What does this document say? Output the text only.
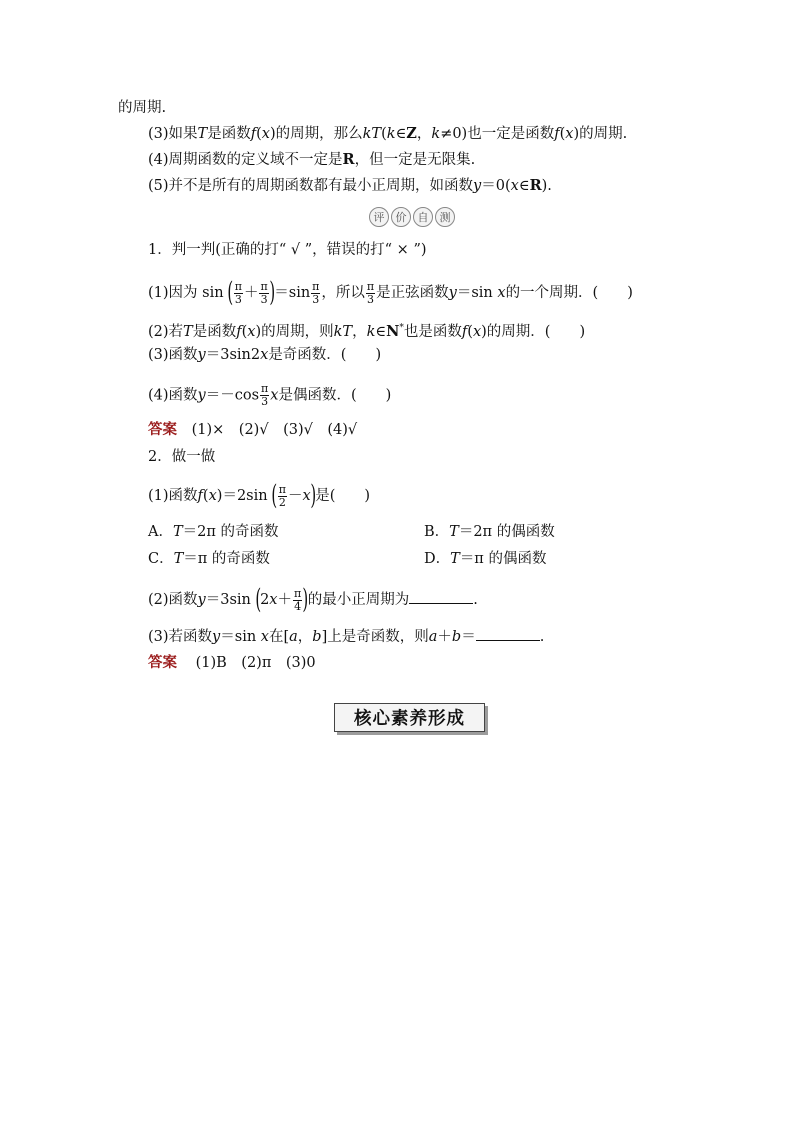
的周期.
(3)如果T是函数f(x)的周期，那么kT(k∈Z，k≠0)也一定是函数f(x)的周期.
(4)周期函数的定义域不一定是R，但一定是无限集.
(5)并不是所有的周期函数都有最小正周期，如函数y＝0(x∈R).
评	价	自	测
1．判一判(正确的打“ √ ”，错误的打“ × ”)
(1)因为 sin ( $\frac{\pi}{3} + \frac{\pi}{3} )=\sin \frac{\pi}{3}$ ，所以 $\frac{\pi}{3}$ 是正弦函数y＝sin x的一个周期．(　　)
(2)若T是函数f(x)的周期，则kT，k∈N*也是函数f(x)的周期．(　　)
(3)函数y＝3sin2x是奇函数．(　　)
(4)函数$y=-\cos \frac{\pi}{3}$ x是偶函数．(　　)
答案 (1)×　(2)√　(3)√　(4)√
2．做一做
(1)函数f(x)＝2sin ( $\frac{\pi}{2} -x$)是(　　)
A．T＝2π 的奇函数	B．T＝2π 的偶函数
C．T＝π 的奇函数	D．T＝π 的偶函数
(2)函数y＝3sin ($2x+ \frac{\pi}{4}$ )的最小正周期为	.
(3)若函数y＝sin x在[a，b]上是奇函数，则a＋b＝	.
答案 (1)B　(2)π　(3)0
核心素养形成
